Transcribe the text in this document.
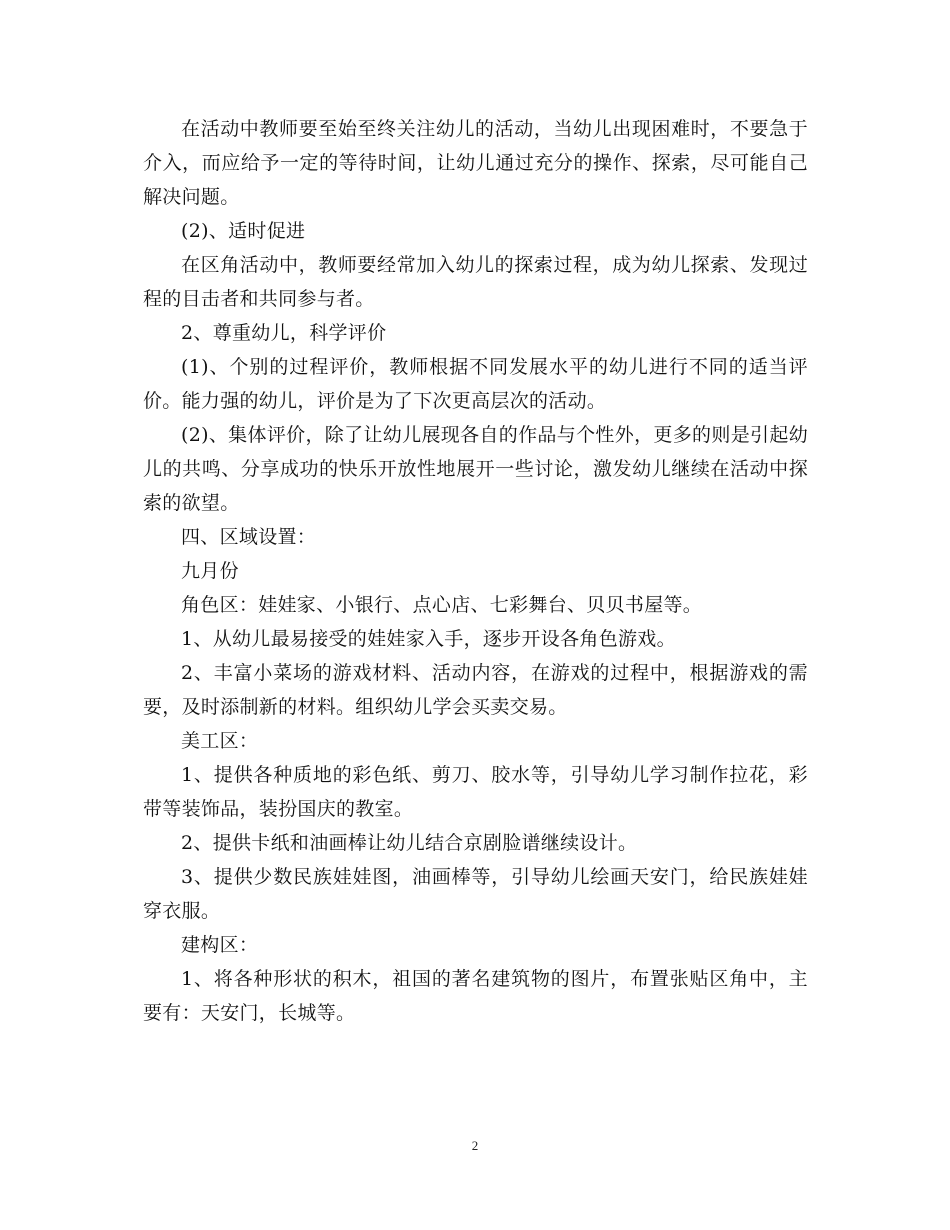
在活动中教师要至始至终关注幼儿的活动，当幼儿出现困难时，不要急于介入，而应给予一定的等待时间，让幼儿通过充分的操作、探索，尽可能自己解决问题。

(2)、适时促进

在区角活动中，教师要经常加入幼儿的探索过程，成为幼儿探索、发现过程的目击者和共同参与者。

2、尊重幼儿，科学评价

(1)、个别的过程评价，教师根据不同发展水平的幼儿进行不同的适当评价。能力强的幼儿，评价是为了下次更高层次的活动。

(2)、集体评价，除了让幼儿展现各自的作品与个性外，更多的则是引起幼儿的共鸣、分享成功的快乐开放性地展开一些讨论，激发幼儿继续在活动中探索的欲望。

四、区域设置：

九月份

角色区：娃娃家、小银行、点心店、七彩舞台、贝贝书屋等。

1、从幼儿最易接受的娃娃家入手，逐步开设各角色游戏。

2、丰富小菜场的游戏材料、活动内容，在游戏的过程中，根据游戏的需要，及时添制新的材料。组织幼儿学会买卖交易。

美工区：

1、提供各种质地的彩色纸、剪刀、胶水等，引导幼儿学习制作拉花，彩带等装饰品，装扮国庆的教室。

2、提供卡纸和油画棒让幼儿结合京剧脸谱继续设计。

3、提供少数民族娃娃图，油画棒等，引导幼儿绘画天安门，给民族娃娃穿衣服。

建构区：

1、将各种形状的积木，祖国的著名建筑物的图片，布置张贴区角中，主要有：天安门，长城等。

2
